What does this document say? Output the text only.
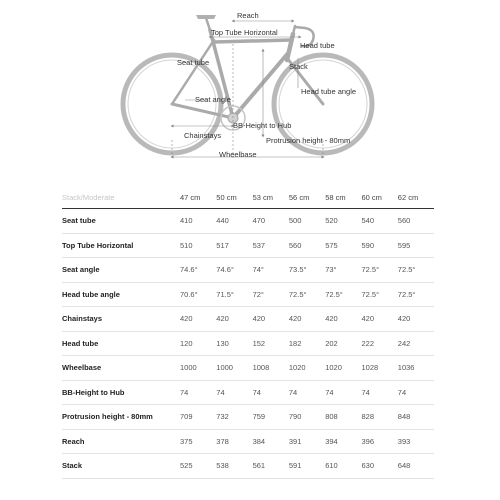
Reach
Top Tube Horizontal
Head tube
Seat tube	Stack
Head tube angle
Seat angle
BB-Height to Hub
Chainstays
Protrusion height - 80mm
Wheelbase
Stack/Moderate	47 cm	50 cm	53 cm	56 cm	58 cm	60 cm	62 cm
Seat tube	410	440	470	500	520	540	560
Top Tube Horizontal	510	517	537	560	575	590	595
Seat angle	74.6°	74.6°	74°	73.5°	73°	72.5°	72.5°
Head tube angle	70.6°	71.5°	72°	72.5°	72.5°	72.5°	72.5°
Chainstays	420	420	420	420	420	420	420
Head tube	120	130	152	182	202	222	242
Wheelbase	1000	1000	1008	1020	1020	1028	1036
BB-Height to Hub	74	74	74	74	74	74	74
Protrusion height - 80mm	709	732	759	790	808	828	848
Reach	375	378	384	391	394	396	393
Stack	525	538	561	591	610	630	648
